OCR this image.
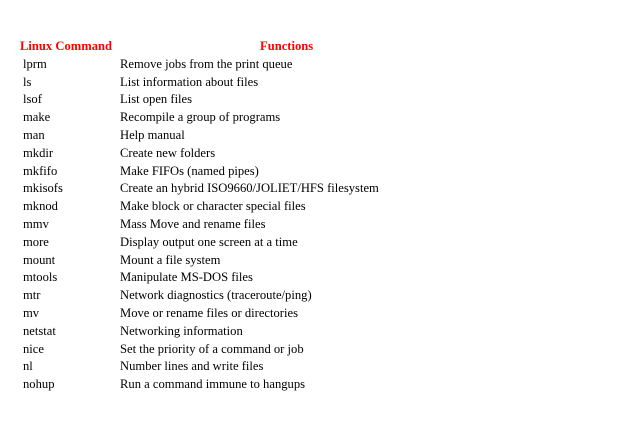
Linux Command	Functions
lprm	Remove jobs from the print queue
ls	List information about files
lsof	List open files
make	Recompile a group of programs
man	Help manual
mkdir	Create new folders
mkfifo	Make FIFOs (named pipes)
mkisofs	Create an hybrid ISO9660/JOLIET/HFS filesystem
mknod	Make block or character special files
mmv	Mass Move and rename files
more	Display output one screen at a time
mount	Mount a file system
mtools	Manipulate MS-DOS files
mtr	Network diagnostics (traceroute/ping)
mv	Move or rename files or directories
netstat	Networking information
nice	Set the priority of a command or job
nl	Number lines and write files
nohup	Run a command immune to hangups
